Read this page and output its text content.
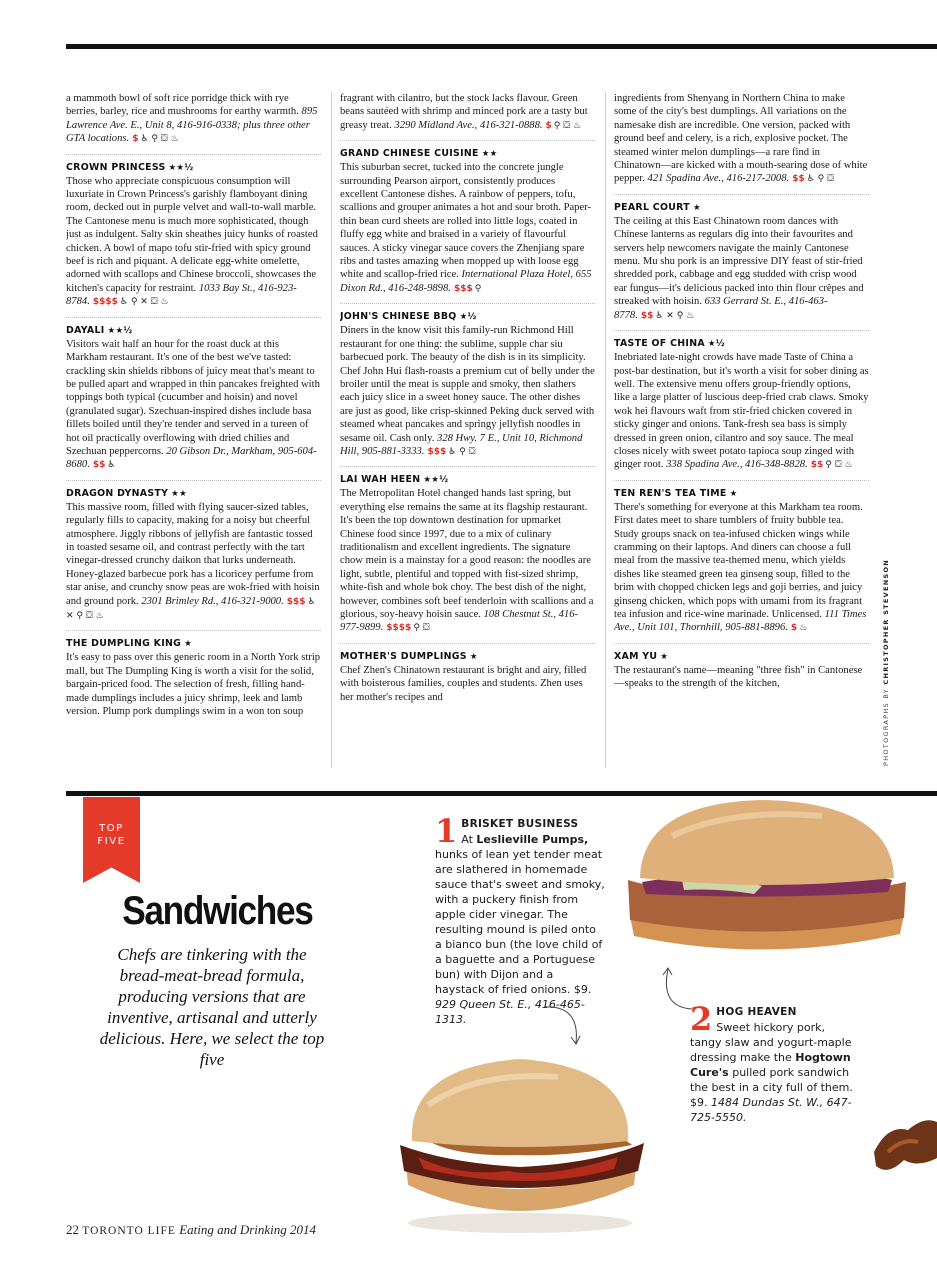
a mammoth bowl of soft rice porridge thick with rye berries, barley, rice and mushrooms for earthy warmth. 895 Lawrence Ave. E., Unit 8, 416-916-0338; plus three other GTA locations. $ ♿ ⚲ ⛋ ♨
CROWN PRINCESS ★★½
Those who appreciate conspicuous consumption will luxuriate in Crown Princess's garishly flamboyant dining room, decked out in purple velvet and wall-to-wall marble. The Cantonese menu is much more sophisticated, though just as indulgent. Salty skin sheathes juicy hunks of roasted chicken. A bowl of mapo tofu stir-fried with spicy ground beef is rich and piquant. A delicate egg-white omelette, adorned with scallops and Chinese broccoli, showcases the kitchen's capacity for restraint. 1033 Bay St., 416-923-8784. $$$$ ♿ ⚲ ✕ ⛋ ♨
DAYALI ★★½
Visitors wait half an hour for the roast duck at this Markham restaurant. It's one of the best we've tasted: crackling skin shields ribbons of juicy meat that's meant to be pulled apart and wrapped in thin pancakes freighted with toppings both typical (cucumber and hoisin) and novel (granulated sugar). Szechuan-inspired dishes include basa fillets boiled until they're tender and served in a tureen of hot oil practically overflowing with dried chilies and Szechuan peppercorns. 20 Gibson Dr., Markham, 905-604-8680. $$ ♿
DRAGON DYNASTY ★★
This massive room, filled with flying saucer-sized tables, regularly fills to capacity, making for a noisy but cheerful atmosphere. Jiggly ribbons of jellyfish are fantastic tossed in toasted sesame oil, and contrast perfectly with the tart vinegar-dressed crunchy daikon that lurks underneath. Honey-glazed barbecue pork has a licoricey perfume from star anise, and crunchy snow peas are wok-fried with hoisin and ground pork. 2301 Brimley Rd., 416-321-9000. $$$ ♿ ✕ ⚲ ⛋ ♨
THE DUMPLING KING ★
It's easy to pass over this generic room in a North York strip mall, but The Dumpling King is worth a visit for the solid, bargain-priced food. The selection of fresh, filling hand-made dumplings includes a juicy shrimp, leek and lamb version. Plump pork dumplings swim in a won ton soup
fragrant with cilantro, but the stock lacks flavour. Green beans sautéed with shrimp and minced pork are a tasty but greasy treat. 3290 Midland Ave., 416-321-0888. $ ⚲ ⛋ ♨
GRAND CHINESE CUISINE ★★
This suburban secret, tucked into the concrete jungle surrounding Pearson airport, consistently produces excellent Cantonese dishes. A rainbow of peppers, tofu, scallions and grouper animates a hot and sour broth. Paper-thin bean curd sheets are rolled into little logs, coated in fluffy egg white and braised in a variety of flavourful sauces. A sticky vinegar sauce covers the Zhenjiang spare ribs and tastes amazing when mopped up with loose egg white and scallop-fried rice. International Plaza Hotel, 655 Dixon Rd., 416-248-9898. $$$ ⚲
JOHN'S CHINESE BBQ ★½
Diners in the know visit this family-run Richmond Hill restaurant for one thing: the sublime, supple char siu barbecued pork. The beauty of the dish is in its simplicity. Chef John Hui flash-roasts a premium cut of belly under the broiler until the meat is supple and smoky, then slathers each juicy slice in a sweet honey sauce. The other dishes are just as good, like crisp-skinned Peking duck served with steamed wheat pancakes and springy jellyfish noodles in sesame oil. Cash only. 328 Hwy. 7 E., Unit 10, Richmond Hill, 905-881-3333. $$$ ♿ ⚲ ⛋
LAI WAH HEEN ★★½
The Metropolitan Hotel changed hands last spring, but everything else remains the same at its flagship restaurant. It's been the top downtown destination for upmarket Chinese food since 1997, due to a mix of culinary traditionalism and excellent ingredients. The signature chow mein is a mainstay for a good reason: the noodles are light, subtle, plentiful and topped with fist-sized shrimp, white-fish and whole bok choy. The best dish of the night, however, combines soft beef tenderloin with scallions and a glorious, soy-heavy hoisin sauce. 108 Chestnut St., 416-977-9899. $$$$ ⚲ ⛋
MOTHER'S DUMPLINGS ★
Chef Zhen's Chinatown restaurant is bright and airy, filled with boisterous families, couples and students. Zhen uses her mother's recipes and
ingredients from Shenyang in Northern China to make some of the city's best dumplings. All variations on the namesake dish are incredible. One version, packed with ground beef and celery, is a rich, explosive pocket. The steamed winter melon dumplings—a rare find in Chinatown—are kicked with a mouth-searing dose of white pepper. 421 Spadina Ave., 416-217-2008. $$ ♿ ⚲ ⛋
PEARL COURT ★
The ceiling at this East Chinatown room dances with Chinese lanterns as regulars dig into their favourites and servers help newcomers navigate the mainly Cantonese menu. Mu shu pork is an impressive DIY feast of stir-fried shredded pork, cabbage and egg studded with crisp wood ear fungus—it's delicious packed into thin flour crêpes and streaked with hoisin. 633 Gerrard St. E., 416-463-8778. $$ ♿ ✕ ⚲ ♨
TASTE OF CHINA ★½
Inebriated late-night crowds have made Taste of China a post-bar destination, but it's worth a visit for sober dining as well. The extensive menu offers group-friendly options, like a large platter of luscious deep-fried crab claws. Smoky wok hei flavours waft from stir-fried chicken covered in sticky ginger and onions. Tank-fresh sea bass is simply dressed in green onion, cilantro and soy sauce. The meal closes nicely with sweet potato tapioca soup zinged with ginger root. 338 Spadina Ave., 416-348-8828. $$ ⚲ ⛋ ♨
TEN REN'S TEA TIME ★
There's something for everyone at this Markham tea room. First dates meet to share tumblers of fruity bubble tea. Study groups snack on tea-infused chicken wings while cramming on their laptops. And diners can choose a full meal from the massive tea-themed menu, which yields dishes like steamed green tea ginseng soup, filled to the brim with chopped chicken legs and goji berries, and juicy ginseng chicken, which pops with umami from its fragrant tea infusion and rice-wine marinade. Unlicensed. 111 Times Ave., Unit 101, Thornhill, 905-881-8896. $ ♨
XAM YU ★
The restaurant's name—meaning "three fish" in Cantonese—speaks to the strength of the kitchen,
PHOTOGRAPHS BY CHRISTOPHER STEVENSON
TOP
FIVE
Sandwiches
Chefs are tinkering with the bread-meat-bread formula, producing versions that are inventive, artisanal and utterly delicious. Here, we select the top five
1 BRISKET BUSINESS
At Leslieville Pumps, hunks of lean yet tender meat are slathered in homemade sauce that's sweet and smoky, with a puckery finish from apple cider vinegar. The resulting mound is piled onto a bianco bun (the love child of a baguette and a Portuguese bun) with Dijon and a haystack of fried onions. $9. 929 Queen St. E., 416-465-1313.	2 HOG HEAVEN
Sweet hickory pork, tangy slaw and yogurt-maple dressing make the Hogtown Cure's pulled pork sandwich the best in a city full of them. $9. 1484 Dundas St. W., 647-725-5550.
22 TORONTO LIFE Eating and Drinking 2014
